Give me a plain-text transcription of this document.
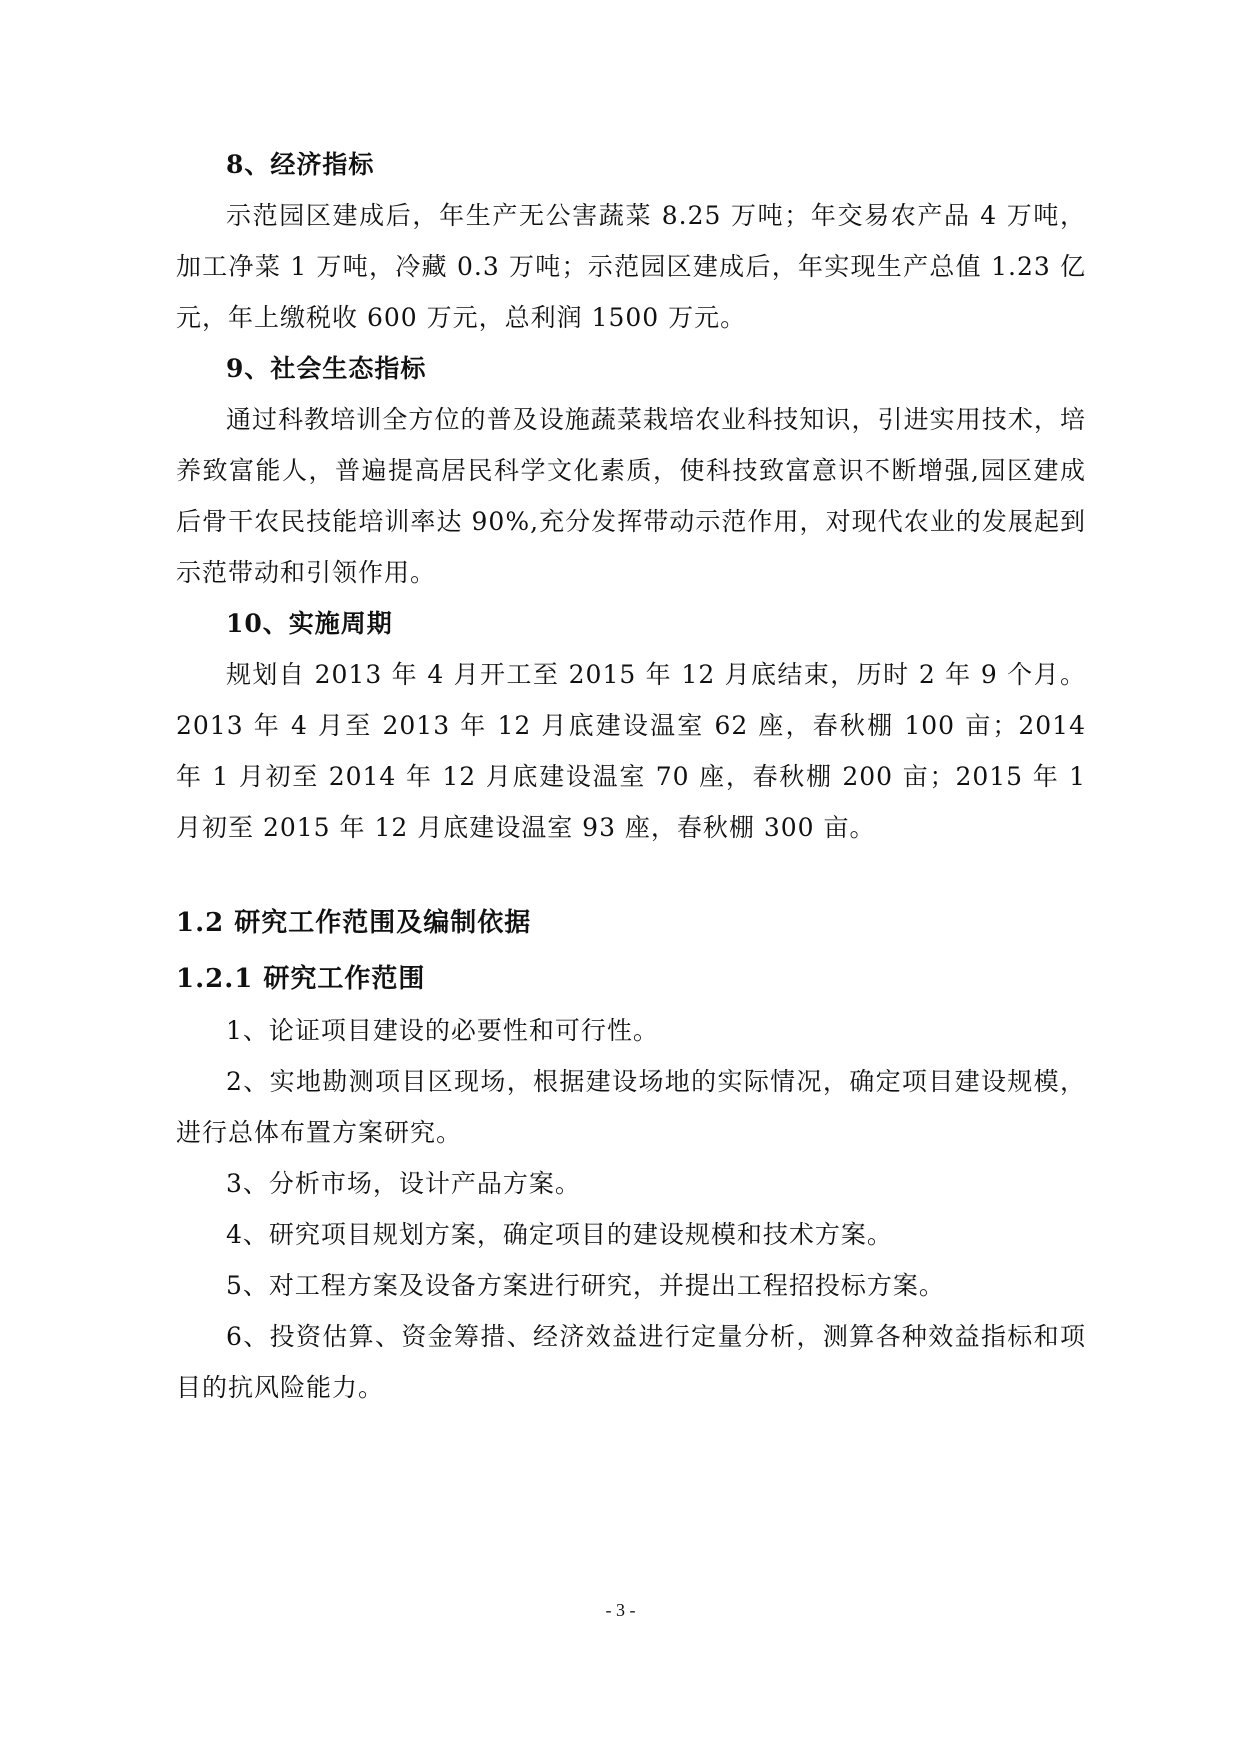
8、经济指标

示范园区建成后，年生产无公害蔬菜 8.25 万吨；年交易农产品 4 万吨，加工净菜 1 万吨，冷藏 0.3 万吨；示范园区建成后，年实现生产总值 1.23 亿元，年上缴税收 600 万元，总利润 1500 万元。

9、社会生态指标

通过科教培训全方位的普及设施蔬菜栽培农业科技知识，引进实用技术，培养致富能人，普遍提高居民科学文化素质，使科技致富意识不断增强,园区建成后骨干农民技能培训率达 90%,充分发挥带动示范作用，对现代农业的发展起到示范带动和引领作用。

10、实施周期

规划自 2013 年 4 月开工至 2015 年 12 月底结束，历时 2 年 9 个月。2013 年 4 月至 2013 年 12 月底建设温室 62 座，春秋棚 100 亩；2014 年 1 月初至 2014 年 12 月底建设温室 70 座，春秋棚 200 亩；2015 年 1 月初至 2015 年 12 月底建设温室 93 座，春秋棚 300 亩。

1.2 研究工作范围及编制依据

1.2.1 研究工作范围

1、论证项目建设的必要性和可行性。

2、实地勘测项目区现场，根据建设场地的实际情况，确定项目建设规模，进行总体布置方案研究。

3、分析市场，设计产品方案。

4、研究项目规划方案，确定项目的建设规模和技术方案。

5、对工程方案及设备方案进行研究，并提出工程招投标方案。

6、投资估算、资金筹措、经济效益进行定量分析，测算各种效益指标和项目的抗风险能力。

- 3 -
